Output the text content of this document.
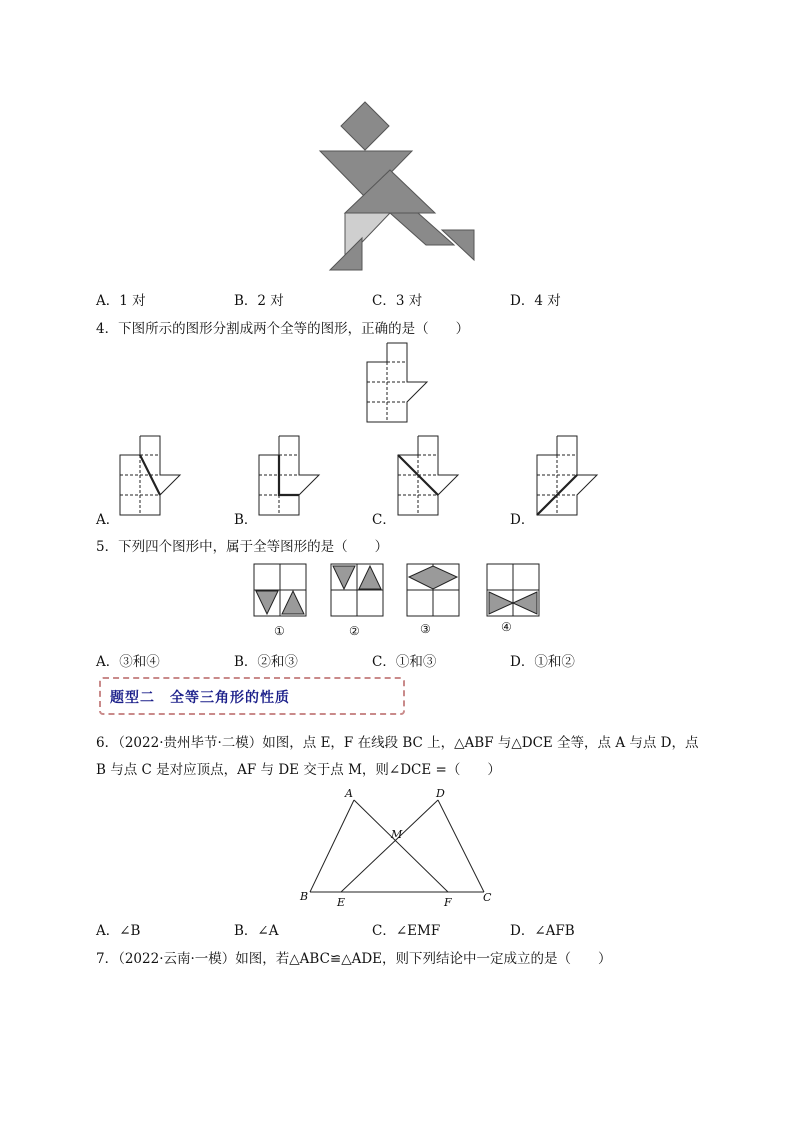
A．1 对	B．2 对	C．3 对	D．4 对
4．下图所示的图形分割成两个全等的图形，正确的是（　　）
A．	B．	C．	D．
5．下列四个图形中，属于全等图形的是（　　）
①	②	③	④
A．③和④	B．②和③	C．①和③	D．①和②
题型二　全等三角形的性质
6．（2022·贵州毕节·二模）如图，点 E，F 在线段 BC 上，△ABF 与△DCE 全等，点 A 与点 D，点
B 与点 C 是对应顶点，AF 与 DE 交于点 M，则∠DCE =（　　）
A	D
M
B	E	F	C
A．∠B	B．∠A	C．∠EMF	D．∠AFB
7．（2022·云南·一模）如图，若△ABC≌△ADE，则下列结论中一定成立的是（　　）
